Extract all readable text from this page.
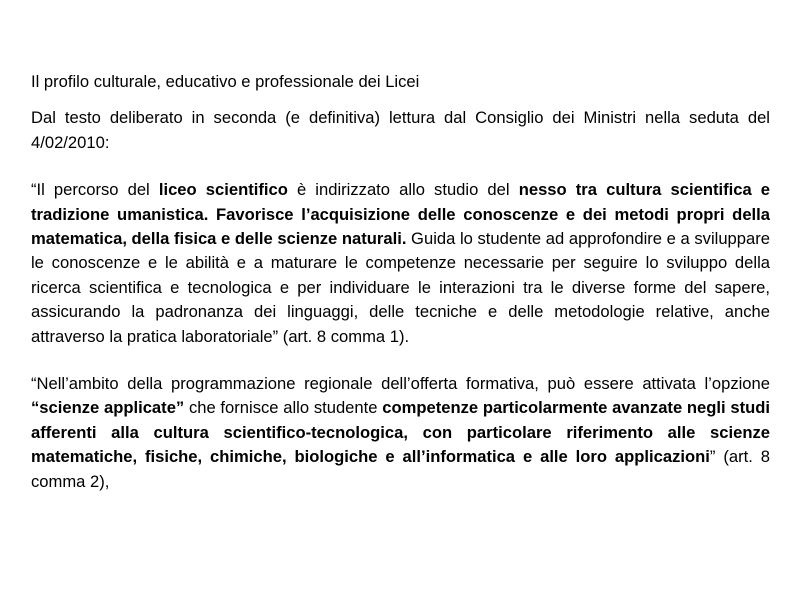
Il profilo culturale, educativo e professionale dei Licei

Dal testo deliberato in seconda (e definitiva) lettura dal Consiglio dei Ministri nella seduta del 4/02/2010:

“Il percorso del liceo scientifico è indirizzato allo studio del nesso tra cultura scientifica e tradizione umanistica. Favorisce l’acquisizione delle conoscenze e dei metodi propri della matematica, della fisica e delle scienze naturali. Guida lo studente ad approfondire e a sviluppare le conoscenze e le abilità e a maturare le competenze necessarie per seguire lo sviluppo della ricerca scientifica e tecnologica e per individuare le interazioni tra le diverse forme del sapere, assicurando la padronanza dei linguaggi, delle tecniche e delle metodologie relative, anche attraverso la pratica laboratoriale” (art. 8 comma 1).

“Nell’ambito della programmazione regionale dell’offerta formativa, può essere attivata l’opzione “scienze applicate” che fornisce allo studente competenze particolarmente avanzate negli studi afferenti alla cultura scientifico-tecnologica, con particolare riferimento alle scienze matematiche, fisiche, chimiche, biologiche e all’informatica e alle loro applicazioni” (art. 8 comma 2),
